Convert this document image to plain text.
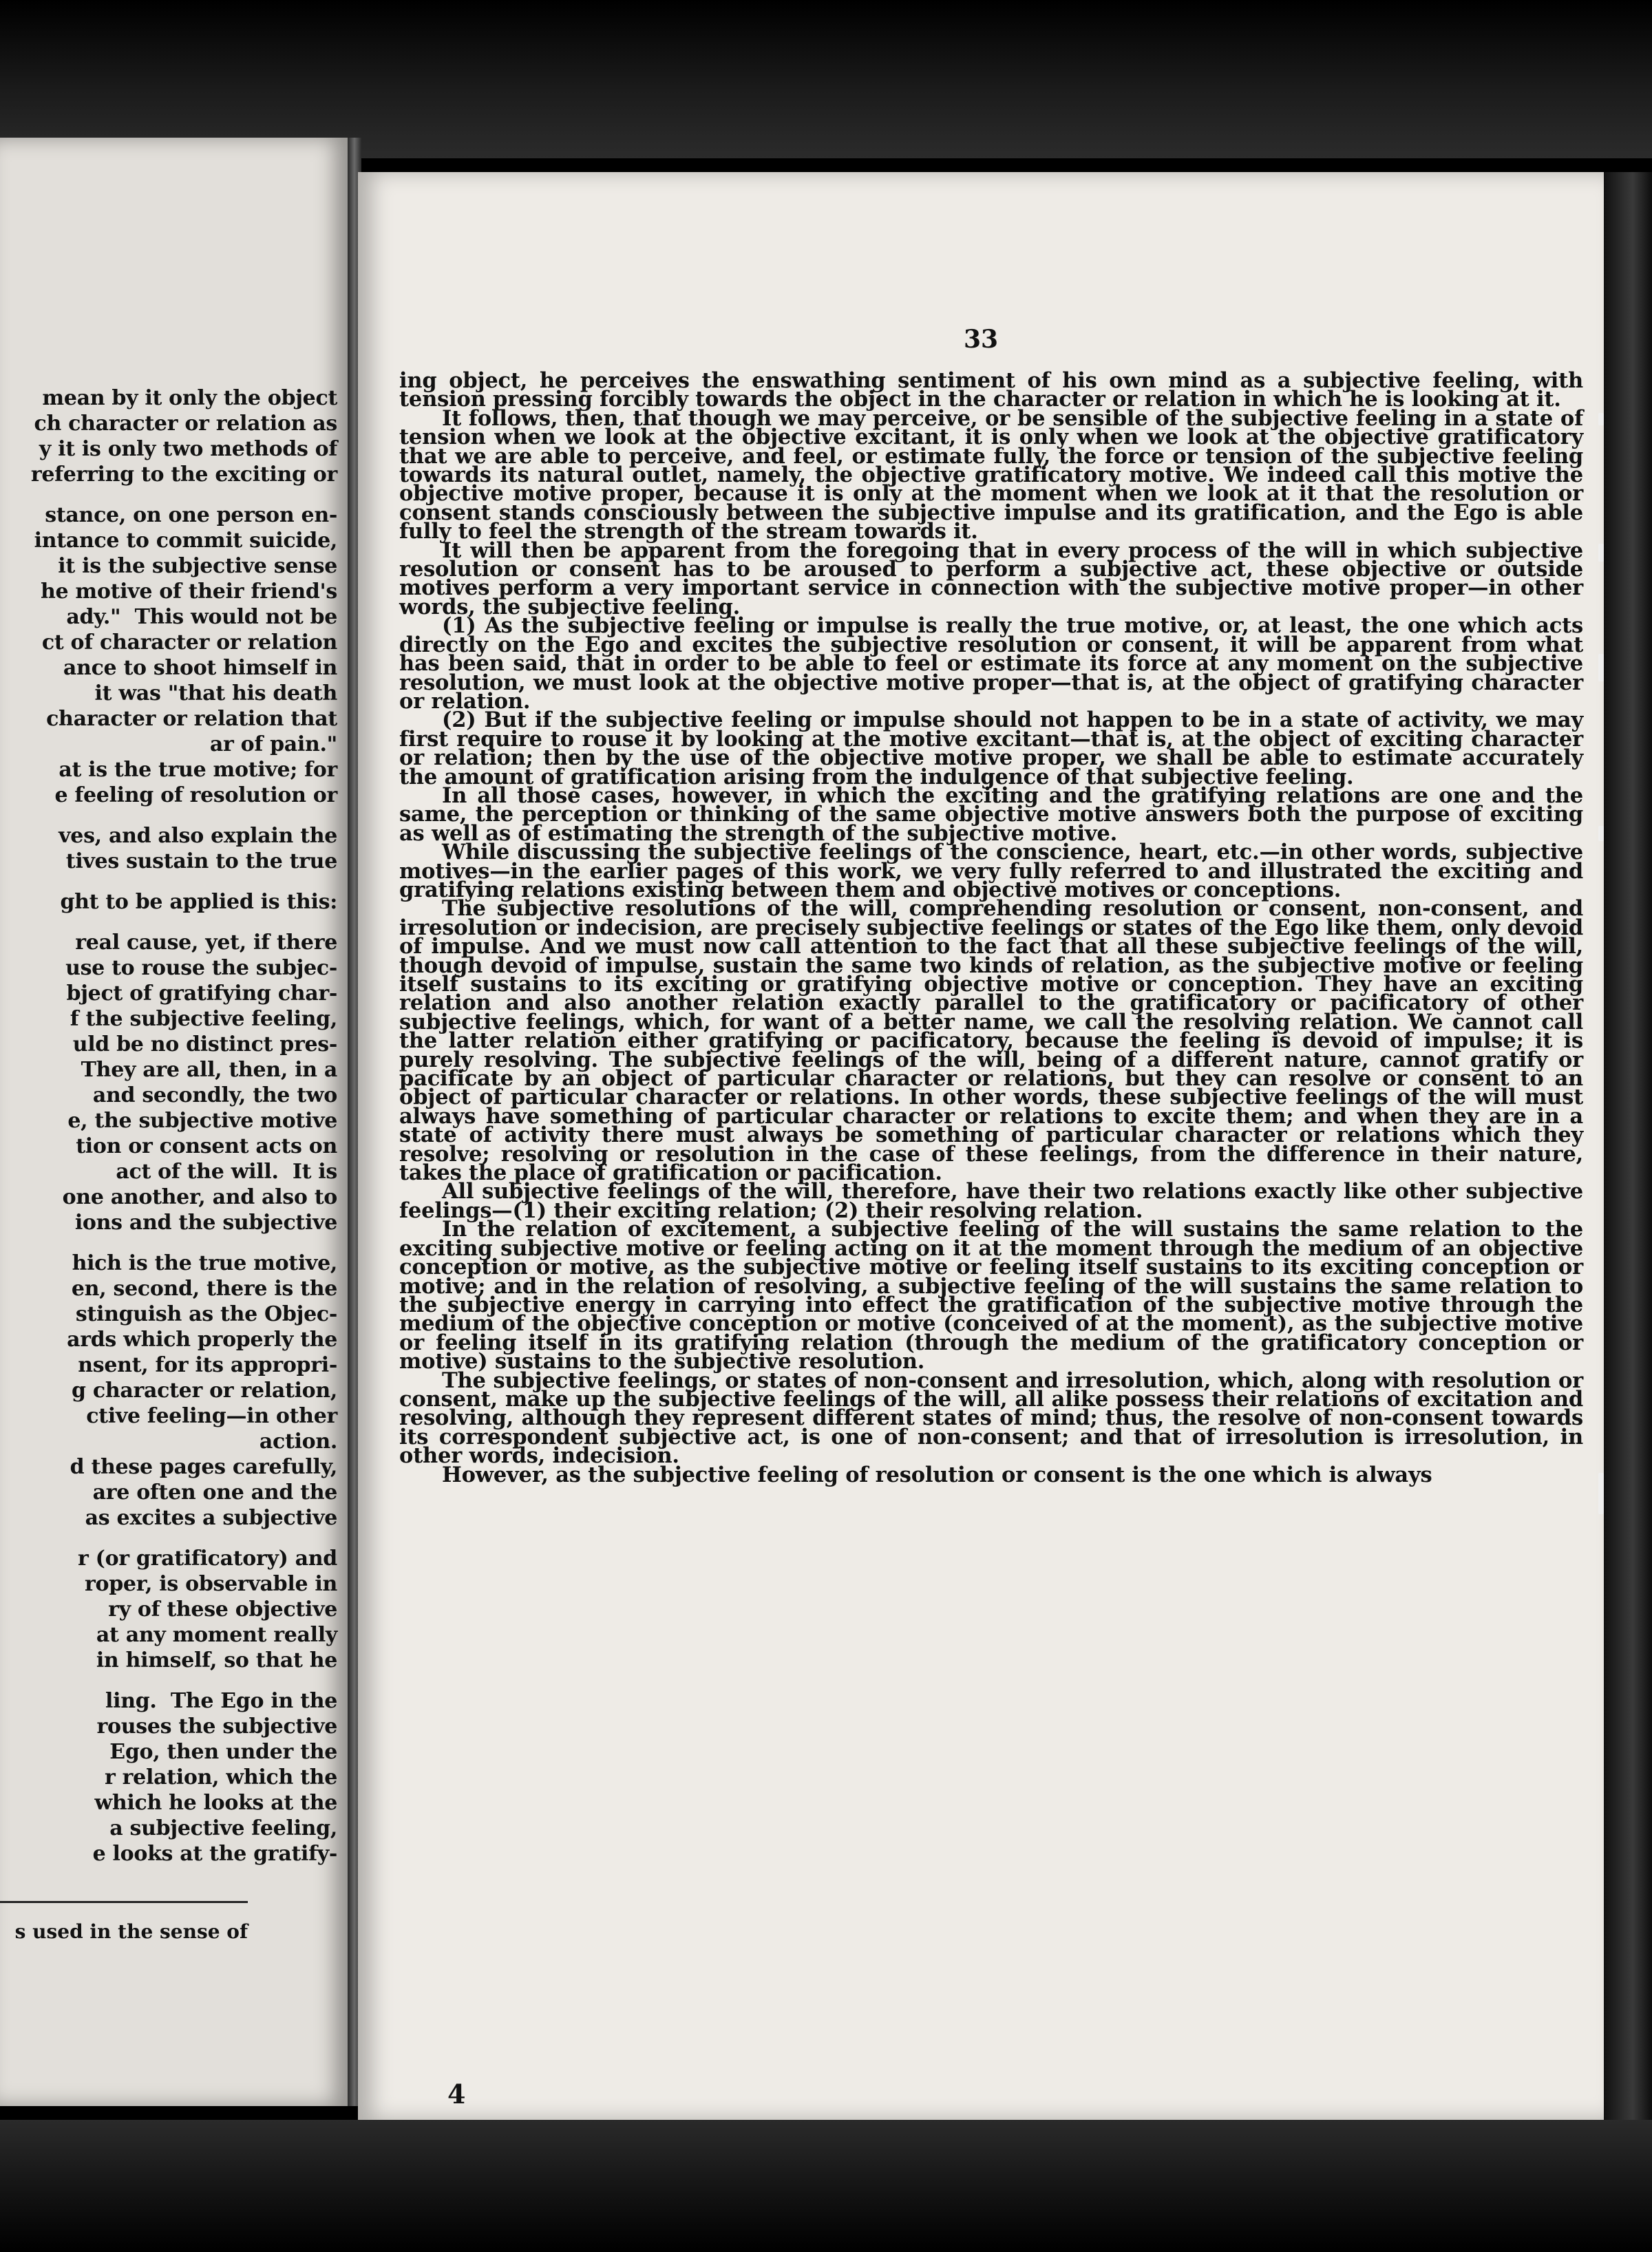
mean by it only the object
ch character or relation as
y it is only two methods of
referring to the exciting or
stance, on one person en-
intance to commit suicide,
it is the subjective sense
he motive of their friend's
ady."  This would not be
ct of character or relation
ance to shoot himself in
it was "that his death
character or relation that
ar of pain."
at is the true motive; for
e feeling of resolution or
ves, and also explain the
tives sustain to the true
ght to be applied is this:
real cause, yet, if there
use to rouse the subjec-
bject of gratifying char-
f the subjective feeling,
uld be no distinct pres-
They are all, then, in a
and secondly, the two
e, the subjective motive
tion or consent acts on
act of the will.  It is
one another, and also to
ions and the subjective
hich is the true motive,
en, second, there is the
stinguish as the Objec-
ards which properly the
nsent, for its appropri-
g character or relation,
ctive feeling—in other
action.
d these pages carefully,
are often one and the
as excites a subjective
r (or gratificatory) and
roper, is observable in
ry of these objective
at any moment really
in himself, so that he
ling.  The Ego in the
rouses the subjective
Ego, then under the
r relation, which the
which he looks at the
a subjective feeling,
e looks at the gratify-
s used in the sense of
33

ing object, he perceives the enswathing sentiment of his own mind as a subjective feeling, with tension pressing forcibly towards the object in the character or relation in which he is looking at it.

It follows, then, that though we may perceive, or be sensible of the subjective feeling in a state of tension when we look at the objective excitant, it is only when we look at the objective gratificatory that we are able to perceive, and feel, or estimate fully, the force or tension of the subjective feeling towards its natural outlet, namely, the objective gratificatory motive. We indeed call this motive the objective motive proper, because it is only at the moment when we look at it that the resolution or consent stands consciously between the subjective impulse and its gratification, and the Ego is able fully to feel the strength of the stream towards it.

It will then be apparent from the foregoing that in every process of the will in which subjective resolution or consent has to be aroused to perform a subjective act, these objective or outside motives perform a very important service in connection with the subjective motive proper—in other words, the subjective feeling.

(1) As the subjective feeling or impulse is really the true motive, or, at least, the one which acts directly on the Ego and excites the subjective resolution or consent, it will be apparent from what has been said, that in order to be able to feel or estimate its force at any moment on the subjective resolution, we must look at the objective motive proper—that is, at the object of gratifying character or relation.

(2) But if the subjective feeling or impulse should not happen to be in a state of activity, we may first require to rouse it by looking at the motive excitant—that is, at the object of exciting character or relation; then by the use of the objective motive proper, we shall be able to estimate accurately the amount of gratification arising from the indulgence of that subjective feeling.

In all those cases, however, in which the exciting and the gratifying relations are one and the same, the perception or thinking of the same objective motive answers both the purpose of exciting as well as of estimating the strength of the subjective motive.

While discussing the subjective feelings of the conscience, heart, etc.—in other words, subjective motives—in the earlier pages of this work, we very fully referred to and illustrated the exciting and gratifying relations existing between them and objective motives or conceptions.

The subjective resolutions of the will, comprehending resolution or consent, non-consent, and irresolution or indecision, are precisely subjective feelings or states of the Ego like them, only devoid of impulse. And we must now call attention to the fact that all these subjective feelings of the will, though devoid of impulse, sustain the same two kinds of relation, as the subjective motive or feeling itself sustains to its exciting or gratifying objective motive or conception. They have an exciting relation and also another relation exactly parallel to the gratificatory or pacificatory of other subjective feelings, which, for want of a better name, we call the resolving relation. We cannot call the latter relation either gratifying or pacificatory, because the feeling is devoid of impulse; it is purely resolving. The subjective feelings of the will, being of a different nature, cannot gratify or pacificate by an object of particular character or relations, but they can resolve or consent to an object of particular character or relations. In other words, these subjective feelings of the will must always have something of particular character or relations to excite them; and when they are in a state of activity there must always be something of particular character or relations which they resolve; resolving or resolution in the case of these feelings, from the difference in their nature, takes the place of gratification or pacification.

All subjective feelings of the will, therefore, have their two relations exactly like other subjective feelings—(1) their exciting relation; (2) their resolving relation.

In the relation of excitement, a subjective feeling of the will sustains the same relation to the exciting subjective motive or feeling acting on it at the moment through the medium of an objective conception or motive, as the subjective motive or feeling itself sustains to its exciting conception or motive; and in the relation of resolving, a subjective feeling of the will sustains the same relation to the subjective energy in carrying into effect the gratification of the subjective motive through the medium of the objective conception or motive (conceived of at the moment), as the subjective motive or feeling itself in its gratifying relation (through the medium of the gratificatory conception or motive) sustains to the subjective resolution.

The subjective feelings, or states of non-consent and irresolution, which, along with resolution or consent, make up the subjective feelings of the will, all alike possess their relations of excitation and resolving, although they represent different states of mind; thus, the resolve of non-consent towards its correspondent subjective act, is one of non-consent; and that of irresolution is irresolution, in other words, indecision.

However, as the subjective feeling of resolution or consent is the one which is always

4
